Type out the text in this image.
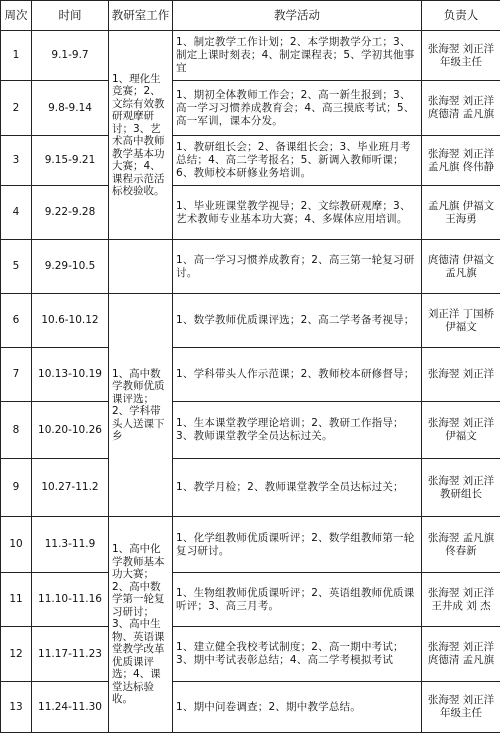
周次	时间	教研室工作	教学活动	负责人
1	9.1-9.7	1、理化生竞赛；2、文综有效教研观摩研讨；3、艺术高中教师教学基本功大赛；4、课程示范活标校验收。	1、制定教学工作计划；2、本学期教学分工；3、制定上课时刻表；4、制定课程表；5、学初其他事宜	张海翌 刘正洋 年级主任
2	9.8-9.14		1、期初全体教师工作会；2、高一新生报到；3、高一学习习惯养成教育会；4、高三摸底考试；5、高一军训，课本分发。	张海翌 刘正洋 庹德清 孟凡旗
3	9.15-9.21		1、教研组长会；2、备课组长会；3、毕业班月考总结；4、高二学考报名；5、新调入教师听课；6、教师校本研修业务培训。	张海翌 刘正洋 孟凡旗 佟伟静
4	9.22-9.28		1、毕业班课堂教学视导；2、文综教研观摩；3、艺术教师专业基本功大赛；4、多媒体应用培训。	孟凡旗 伊福文 王海勇
5	9.29-10.5		1、高一学习习惯养成教育；2、高三第一轮复习研讨。	庹德清 伊福文 孟凡旗
6	10.6-10.12	1、高中数学教师优质课评选；2、学科带头人送课下乡	1、数学教师优质课评选；2、高二学考备考视导；	刘正洋 丁国桥 伊福文
7	10.13-10.19		1、学科带头人作示范课；2、教师校本研修督导；	张海翌 刘正洋
8	10.20-10.26		1、生本课堂教学理论培训；2、教研工作指导；3、教师课堂教学全员达标过关。	张海翌 刘正洋 伊福文
9	10.27-11.2		1、教学月检；2、教师课堂教学全员达标过关；	张海翌 刘正洋 教研组长
10	11.3-11.9	1、高中化学教师基本功大赛；2、高中数学第一轮复习研讨；3、高中生物、英语课堂教学改革优质课评选；4、课堂达标验收。	1、化学组教师优质课听评；2、数学组教师第一轮复习研讨。	张海翌 孟凡旗 佟春新
11	11.10-11.16		1、生物组教师优质课听评；2、英语组教师优质课听评；3、高三月考。	张海翌 刘正洋 王井成 刘 杰
12	11.17-11.23		1、建立健全我校考试制度；2、高一期中考试；3、期中考试表彰总结；4、高二学考模拟考试	张海翌 刘正洋 庹德清 孟凡旗
13	11.24-11.30		1、期中问卷调查；2、期中教学总结。	张海翌 刘正洋 年级主任
